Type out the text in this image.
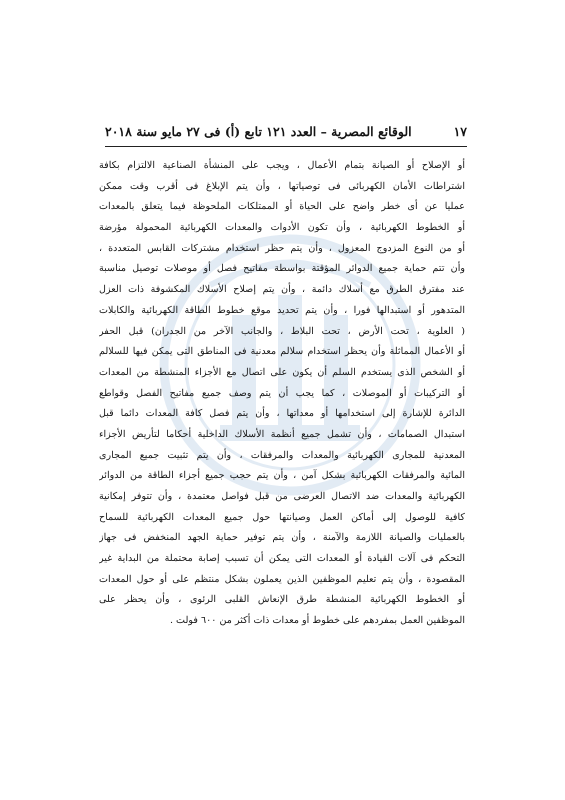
الوقائع المصرية – العدد ١٢١ تابع (أ) فى ٢٧ مايو سنة ٢٠١٨	١٧
أو الإصلاح أو الصيانة بتمام الأعمال ، ويجب على المنشأة الصناعية الالتزام بكافة
اشتراطات الأمان الكهربائى فى توصياتها ، وأن يتم الإبلاغ فى أقرب وقت ممكن
عمليا عن أى خطر واضح على الحياة أو الممتلكات الملحوظة فيما يتعلق بالمعدات
أو الخطوط الكهربائية ، وأن تكون الأدوات والمعدات الكهربائية المحمولة مؤرضة
أو من النوع المزدوج المعزول ، وأن يتم حظر استخدام مشتركات القابس المتعددة ،
وأن تتم حماية جميع الدوائر المؤقتة بواسطة مفاتيح فصل أو موصلات توصيل مناسبة
عند مفترق الطرق مع أسلاك دائمة ، وأن يتم إصلاح الأسلاك المكشوفة ذات العزل
المتدهور أو استبدالها فورا ، وأن يتم تحديد موقع خطوط الطاقة الكهربائية والكابلات
( العلوية ، تحت الأرض ، تحت البلاط ، والجانب الآخر من الجدران) قبل الحفر
أو الأعمال المماثلة وأن يحظر استخدام سلالم معدنية فى المناطق التى يمكن فيها للسلالم
أو الشخص الذى يستخدم السلم أن يكون على اتصال مع الأجزاء المنشطة من المعدات
أو التركيبات أو الموصلات ، كما يجب أن يتم وصف جميع مفاتيح الفصل وقواطع
الدائرة للإشارة إلى استخدامها أو معداتها ، وأن يتم فصل كافة المعدات دائما قبل
استبدال الصمامات ، وأن تشمل جميع أنظمة الأسلاك الداخلية أحكاما لتأريض الأجزاء
المعدنية للمجارى الكهربائية والمعدات والمرفقات ، وأن يتم تثبيت جميع المجارى
المائية والمرفقات الكهربائية بشكل آمن ، وأن يتم حجب جميع أجزاء الطاقة من الدوائر
الكهربائية والمعدات ضد الاتصال العرضى من قبل فواصل معتمدة ، وأن تتوفر إمكانية
كافية للوصول إلى أماكن العمل وصيانتها حول جميع المعدات الكهربائية للسماح
بالعمليات والصيانة اللازمة والآمنة ، وأن يتم توفير حماية الجهد المنخفض فى جهاز
التحكم فى آلات القيادة أو المعدات التى يمكن أن تسبب إصابة محتملة من البداية غير
المقصودة ، وأن يتم تعليم الموظفين الذين يعملون بشكل منتظم على أو حول المعدات
أو الخطوط الكهربائية المنشطة طرق الإنعاش القلبى الرئوى ، وأن يحظر على
الموظفين العمل بمفردهم على خطوط أو معدات ذات أكثر من ٦٠٠ فولت .
